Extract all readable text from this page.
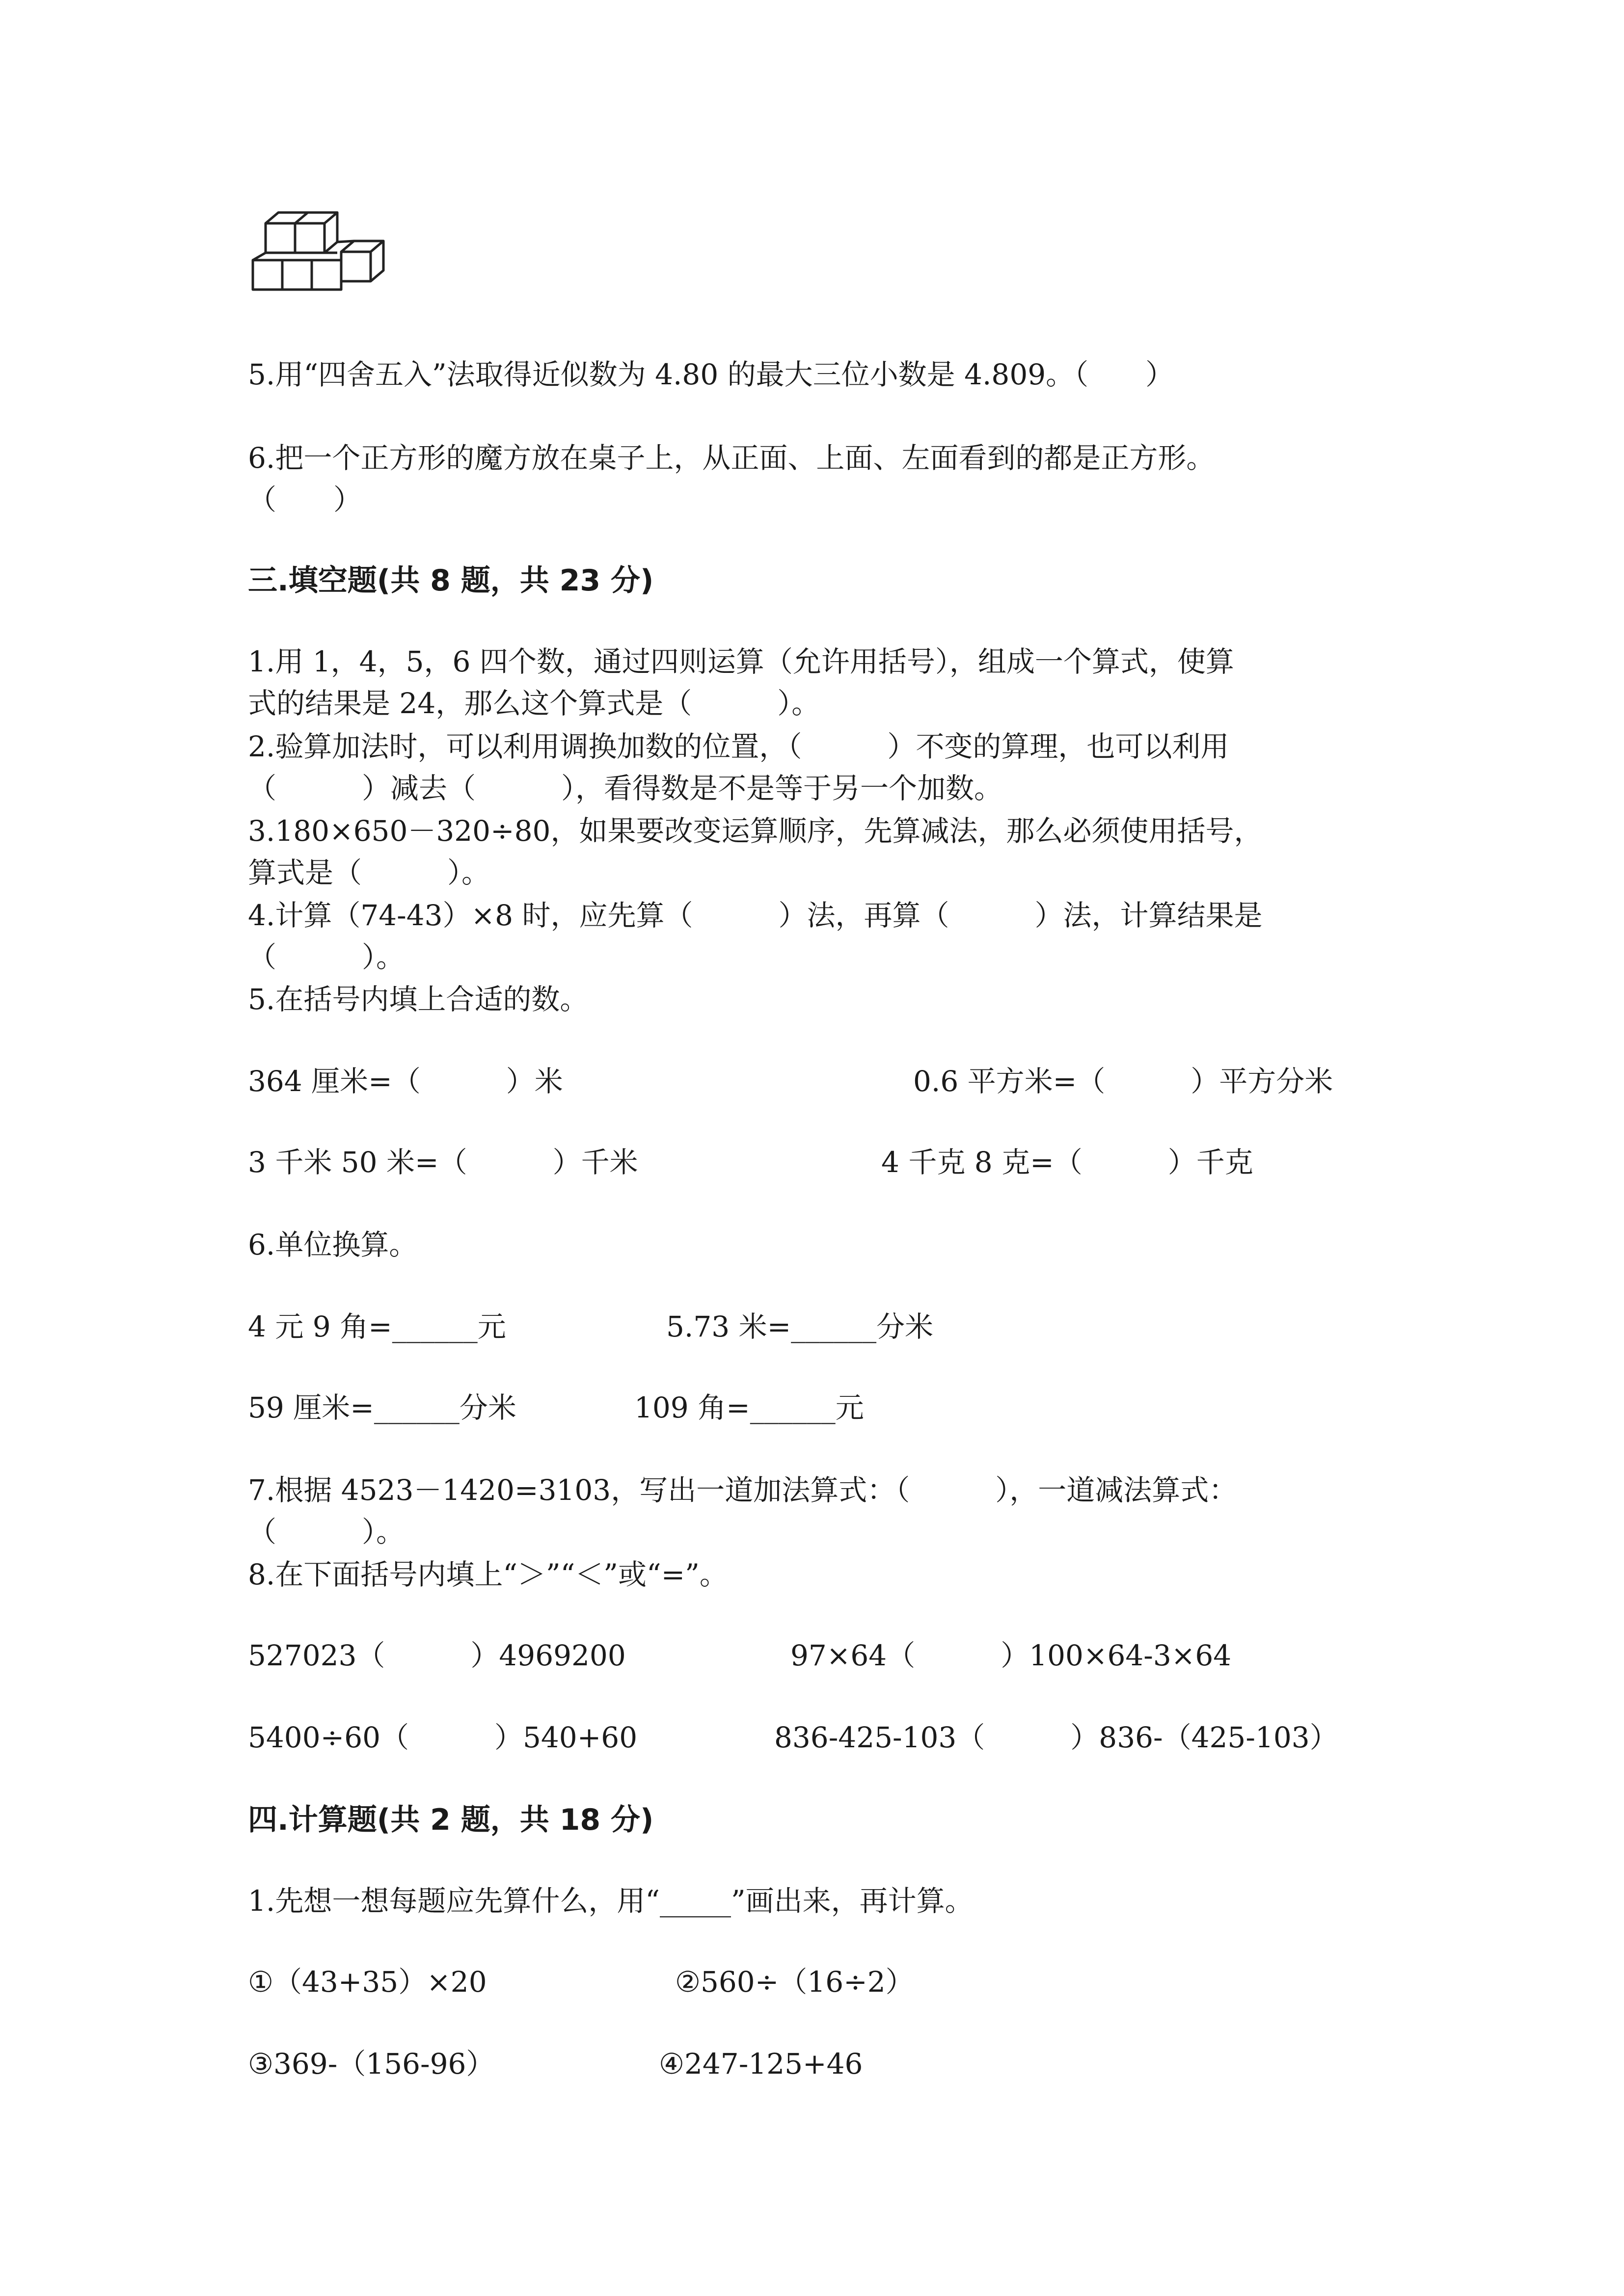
5.用“四舍五入”法取得近似数为 4.80 的最大三位小数是 4.809。（　　）
6.把一个正方形的魔方放在桌子上，从正面、上面、左面看到的都是正方形。
（　　）
三.填空题(共 8 题，共 23 分)
1.用 1，4，5，6 四个数，通过四则运算（允许用括号），组成一个算式，使算
式的结果是 24，那么这个算式是（　　　）。
2.验算加法时，可以利用调换加数的位置，（　　　）不变的算理，也可以利用
（　　　）减去（　　　），看得数是不是等于另一个加数。
3.180×650－320÷80，如果要改变运算顺序，先算减法，那么必须使用括号，
算式是（　　　）。
4.计算（74-43）×8 时，应先算（　　　）法，再算（　　　）法，计算结果是
（　　　）。
5.在括号内填上合适的数。
364 厘米=（　　　）米	0.6 平方米=（　　　）平方分米
3 千米 50 米=（　　　）千米	4 千克 8 克=（　　　）千克
6.单位换算。
4 元 9 角=______元	5.73 米=______分米
59 厘米=______分米	109 角=______元
7.根据 4523－1420=3103，写出一道加法算式：（　　　），一道减法算式：
（　　　）。
8.在下面括号内填上“＞”“＜”或“=”。
527023（　　　）4969200	97×64（　　　）100×64-3×64
5400÷60（　　　）540+60	836-425-103（　　　）836-（425-103）
四.计算题(共 2 题，共 18 分)
1.先想一想每题应先算什么，用“_____”画出来，再计算。
①（43+35）×20	②560÷（16÷2）
③369-（156-96）	④247-125+46
